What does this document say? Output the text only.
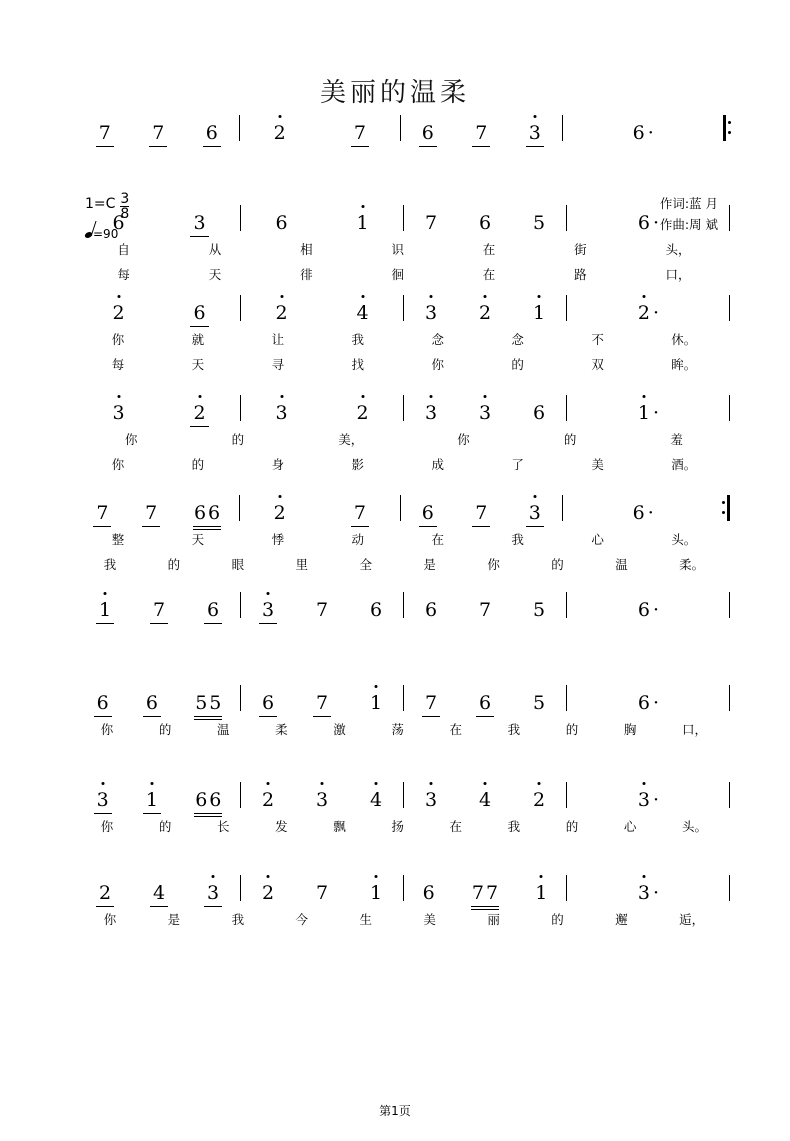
美丽的温柔
$1=C \frac{3}{8}$
=90
作词:蓝 月
作曲:周 斌
7 7 6	2	7	6 7 3	6 ·
6	3	6	1	7 6 5	6 ·
自	从	相	识	在	街	头，
每	天	徘	徊	在	路	口，
2	6	2	4	3 2 1	2 ·
你	就	让	我	念	念	不	休。
每	天	寻	找	你	的	双	眸。
3	2	3	2	3 3 6	1 ·
你	的	美，	你	的	羞
你	的	身	影	成	了	美	酒。
7 7 6 6	2	7	6 7 3	6 ·
整	天	悸	动	在	我	心	头。
我	的	眼	里	全	是	你	的	温	柔。
1 7 6 3 7 6 6 7 5	6 ·
6 6 5 5 6 7 1 7 6 5	6 ·
你	的	温	柔	激	荡	在	我	的	胸	口，
3 1 6 6 2 3 4 3 4 2	3 ·
你	的	长	发	飘	扬	在	我	的	心	头。
2 4 3 2 7 1 6 7 7 1	3 ·
你	是	我	今	生	美	丽	的	邂	逅，
第1页
